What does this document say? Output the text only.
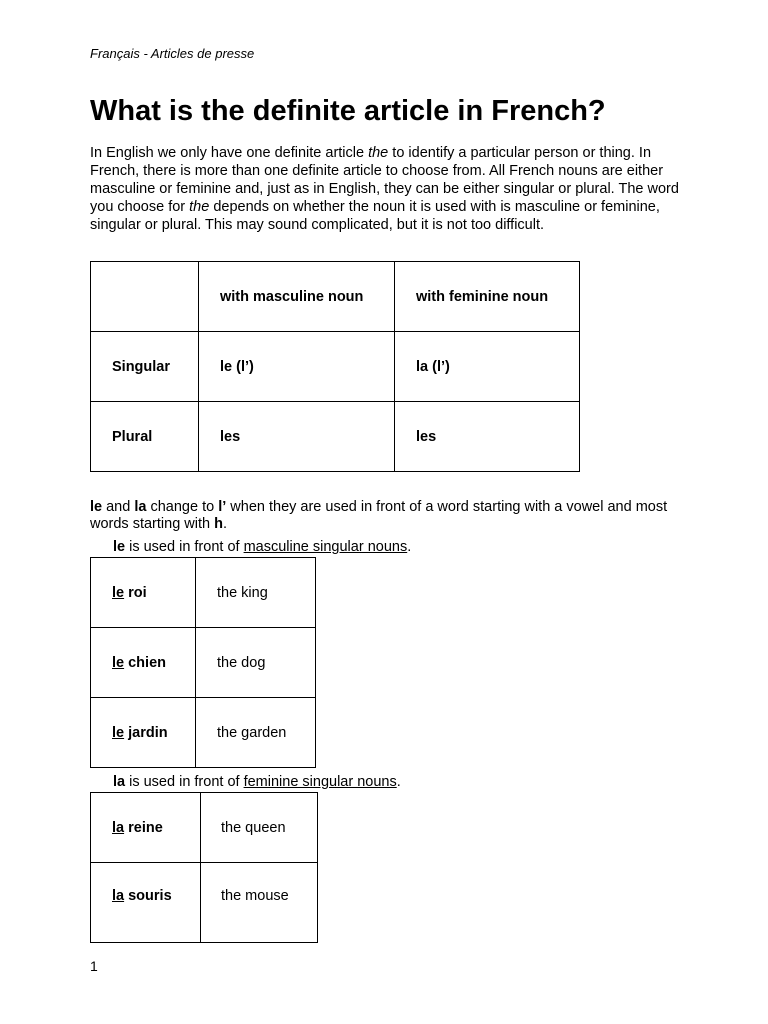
Français - Articles de presse
What is the definite article in French?

In English we only have one definite article the to identify a particular person or thing. In French, there is more than one definite article to choose from. All French nouns are either masculine or feminine and, just as in English, they can be either singular or plural. The word you choose for the depends on whether the noun it is used with is masculine or feminine, singular or plural. This may sound complicated, but it is not too difficult.

	with masculine noun	with feminine noun
Singular	le (l’)	la (l’)
Plural	les	les

le and la change to l’ when they are used in front of a word starting with a vowel and most words starting with h.

le is used in front of masculine singular nouns.

le roi	the king
le chien	the dog
le jardin	the garden

la is used in front of feminine singular nouns.

la reine	the queen
la souris	the mouse
1
